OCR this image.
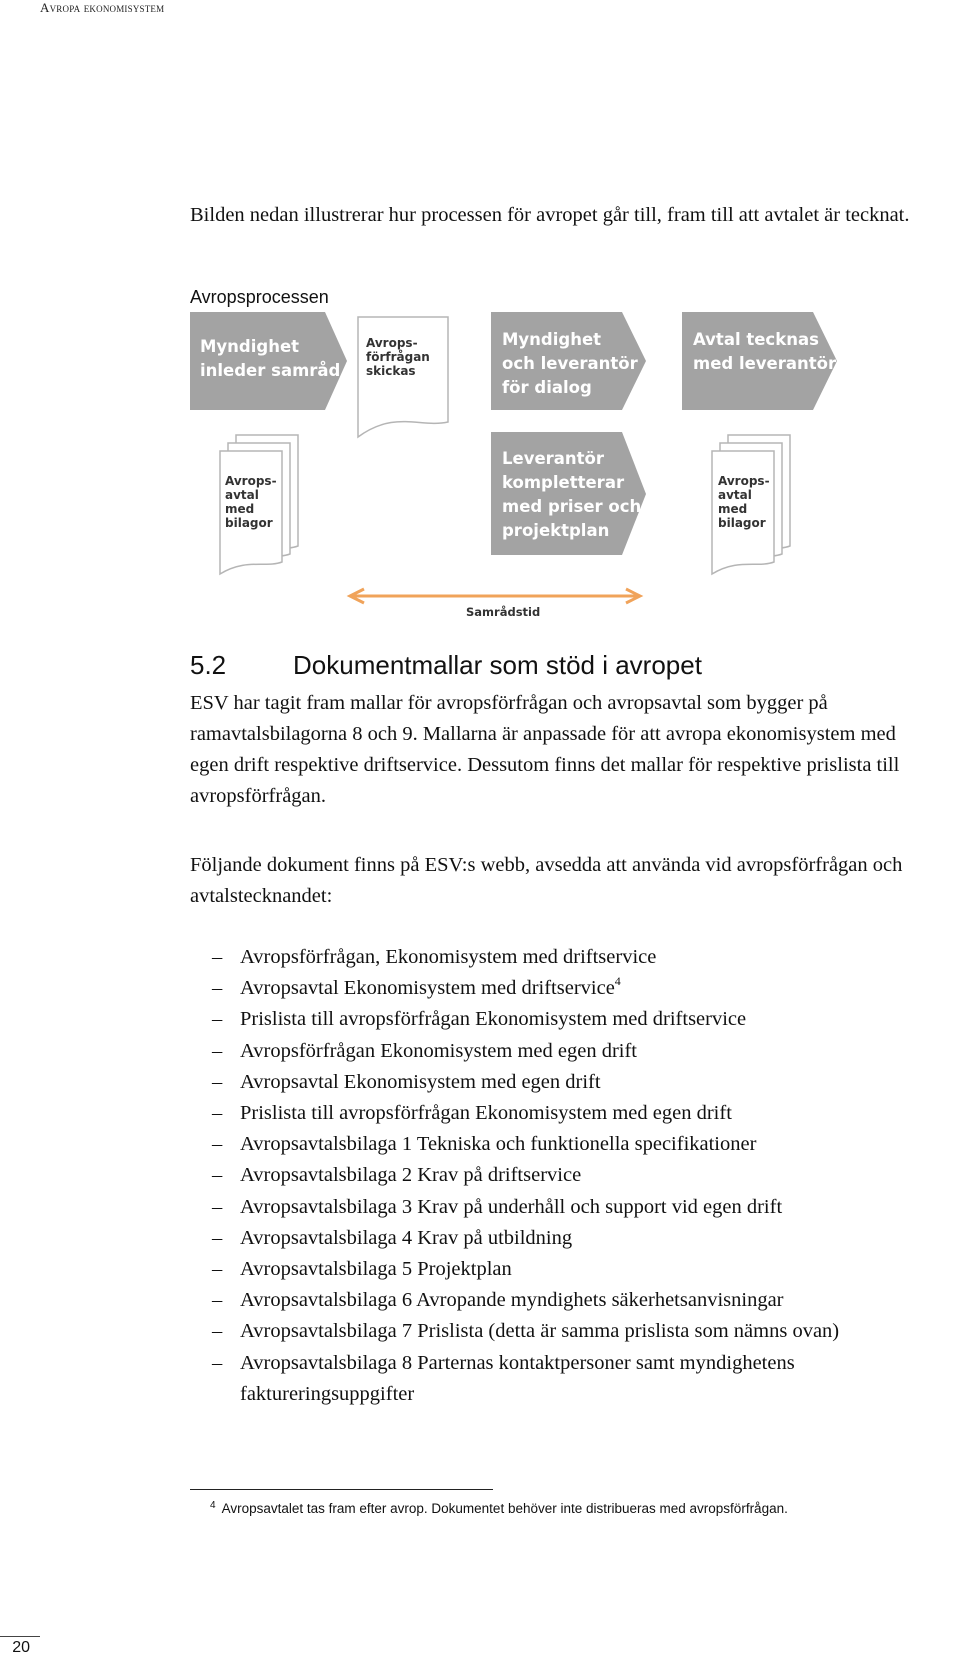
Avropa ekonomisystem

Bilden nedan illustrerar hur processen för avropet går till, fram till att avtalet är tecknat.

Avropsprocessen
Myndighet
inleder samråd
Avrops-
förfrågan
skickas
Myndighet
och leverantör
för dialog
Avtal tecknas
med leverantör
Leverantör
kompletterar
med priser och
projektplan
Avrops-
avtal
med
bilagor
Avrops-
avtal
med
bilagor
Samrådstid
5.2	Dokumentmallar som stöd i avropet

ESV har tagit fram mallar för avropsförfrågan och avropsavtal som bygger på ramavtalsbilagorna 8 och 9. Mallarna är anpassade för att avropa ekonomisystem med egen drift respektive driftservice. Dessutom finns det mallar för respektive prislista till avropsförfrågan.

Följande dokument finns på ESV:s webb, avsedda att använda vid avropsförfrågan och avtalstecknandet:

– Avropsförfrågan, Ekonomisystem med driftservice
– Avropsavtal Ekonomisystem med driftservice$^4$
– Prislista till avropsförfrågan Ekonomisystem med driftservice
– Avropsförfrågan Ekonomisystem med egen drift
– Avropsavtal Ekonomisystem med egen drift
– Prislista till avropsförfrågan Ekonomisystem med egen drift
– Avropsavtalsbilaga 1 Tekniska och funktionella specifikationer
– Avropsavtalsbilaga 2 Krav på driftservice
– Avropsavtalsbilaga 3 Krav på underhåll och support vid egen drift
– Avropsavtalsbilaga 4 Krav på utbildning
– Avropsavtalsbilaga 5 Projektplan
– Avropsavtalsbilaga 6 Avropande myndighets säkerhetsanvisningar
– Avropsavtalsbilaga 7 Prislista (detta är samma prislista som nämns ovan)
– Avropsavtalsbilaga 8 Parternas kontaktpersoner samt myndighetens faktureringsuppgifter
$^4$ Avropsavtalet tas fram efter avrop. Dokumentet behöver inte distribueras med avropsförfrågan.
20
